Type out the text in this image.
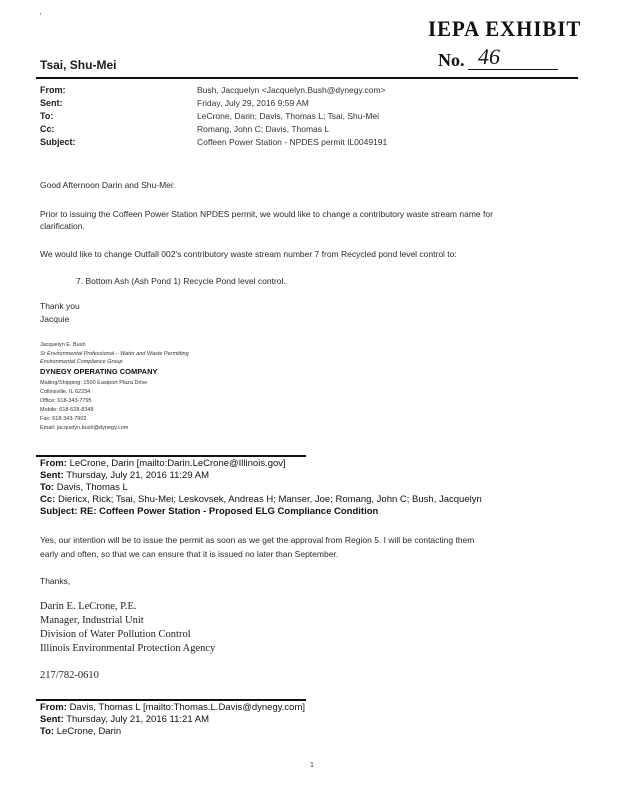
'	IEPA EXHIBIT
No. 46
Tsai, Shu-Mei
From:	Bush, Jacquelyn <Jacquelyn.Bush@dynegy.com>
Sent:	Friday, July 29, 2016 9:59 AM
To:	LeCrone, Darin; Davis, Thomas L; Tsai, Shu-Mei
Cc:	Romang, John C; Davis, Thomas L
Subject:	Coffeen Power Station - NPDES permit IL0049191
Good Afternoon Darin and Shu-Mei:
Prior to issuing the Coffeen Power Station NPDES permit, we would like to change a contributory waste stream name for
clarification.
We would like to change Outfall 002's contributory waste stream number 7 from Recycled pond level control to:
7. Bottom Ash (Ash Pond 1) Recycle Pond level control.
Thank you
Jacquie
Jacquelyn E. Bush
Sr Environmental Professional – Water and Waste Permitting
Environmental Compliance Group
DYNEGY OPERATING COMPANY
Mailing/Shipping: 1500 Eastport Plaza Drive
Collinsville, IL 62234
Office: 618-343-7795
Mobile: 618-628-8348
Fax: 618-343-7902
Email: jacquelyn.bush@dynegy.com
From: LeCrone, Darin [mailto:Darin.LeCrone@Illinois.gov]
Sent: Thursday, July 21, 2016 11:29 AM
To: Davis, Thomas L
Cc: Diericx, Rick; Tsai, Shu-Mei; Leskovsek, Andreas H; Manser, Joe; Romang, John C; Bush, Jacquelyn
Subject: RE: Coffeen Power Station - Proposed ELG Compliance Condition
Yes, our intention will be to issue the permit as soon as we get the approval from Region 5. I will be contacting them
early and often, so that we can ensure that it is issued no later than September.
Thanks,
Darin E. LeCrone, P.E.
Manager, Industrial Unit
Division of Water Pollution Control
Illinois Environmental Protection Agency
217/782-0610
From: Davis, Thomas L [mailto:Thomas.L.Davis@dynegy.com]
Sent: Thursday, July 21, 2016 11:21 AM
To: LeCrone, Darin
1
